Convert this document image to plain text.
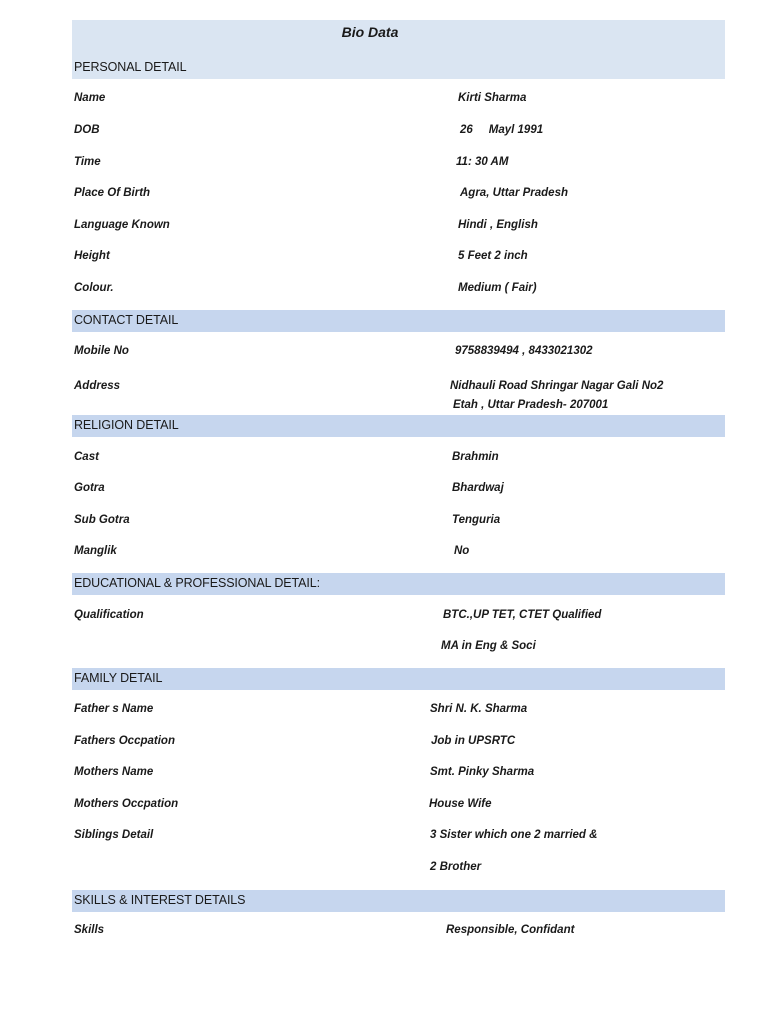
Bio Data
PERSONAL DETAIL
Name	Kirti Sharma
DOB	26     Mayl 1991
Time	11: 30 AM
Place Of Birth	Agra, Uttar Pradesh
Language Known	Hindi , English
Height	5 Feet 2 inch
Colour.	Medium ( Fair)
CONTACT DETAIL
Mobile No	9758839494 , 8433021302
Address	Nidhauli Road Shringar Nagar Gali No2
Etah , Uttar Pradesh- 207001
RELIGION DETAIL
Cast	Brahmin
Gotra	Bhardwaj
Sub Gotra	Tenguria
Manglik	No
EDUCATIONAL & PROFESSIONAL DETAIL:
Qualification	BTC.,UP TET, CTET Qualified
MA in Eng & Soci
FAMILY DETAIL
Father s Name	Shri N. K. Sharma
Fathers Occpation	Job in UPSRTC
Mothers Name	Smt. Pinky Sharma
Mothers Occpation	House Wife
Siblings Detail	3 Sister which one 2 married &
2 Brother
SKILLS & INTEREST DETAILS
Skills	Responsible, Confidant
